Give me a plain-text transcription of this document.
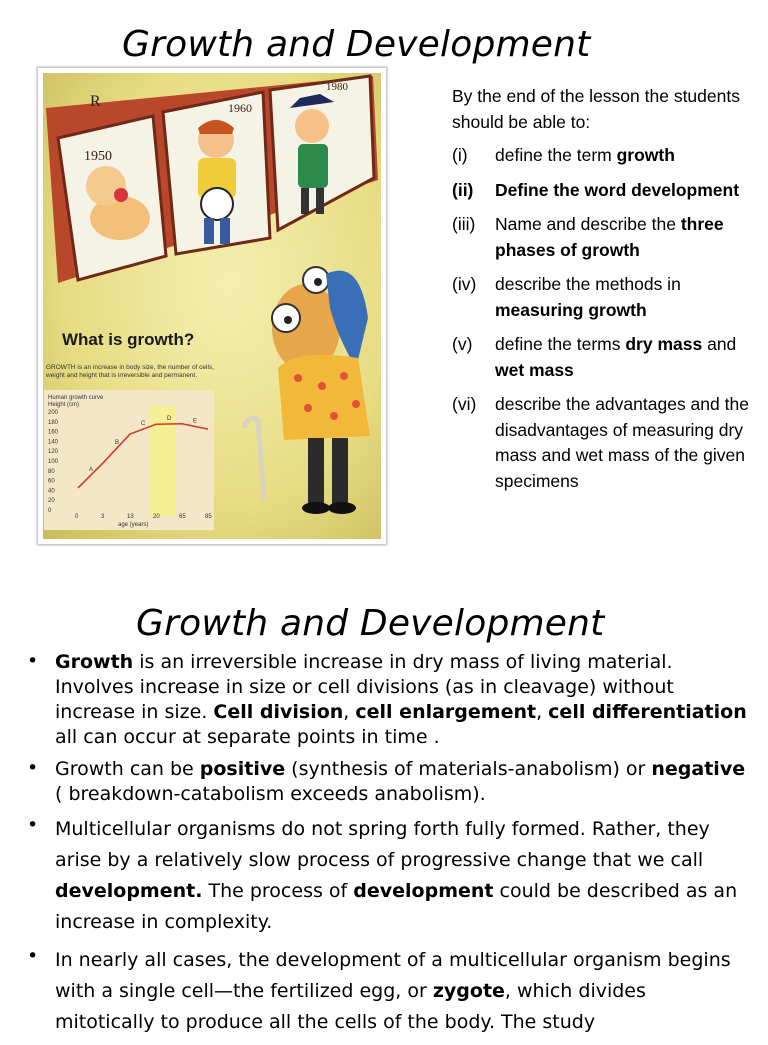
Growth and Development
1950
1960
1980
R
What is growth?
GROWTH is an increase in body size, the number of cells,
weight and height that is irreversible and permanent.
Human growth curve
Height (cm)
age (years)
200
180
160
140
120
100
80
60
40
20
0
0	3	13	20	65	85
A
B
C
D	E

By the end of the lesson the students should be able to:

(i)	define the term growth
(ii)	Define the word development
(iii)	Name and describe the three phases of growth
(iv)	describe the methods in measuring growth
(v)	define the terms dry mass and wet mass
(vi)	describe the advantages and the disadvantages of measuring dry mass and wet mass of the given specimens
Growth and Development
• Growth is an irreversible increase in dry mass of living material. Involves increase in size or cell divisions (as in cleavage) without increase in size. Cell division, cell enlargement, cell differentiation all can occur at separate points in time .
• Growth can be positive (synthesis of materials-anabolism) or negative ( breakdown-catabolism exceeds anabolism).
• Multicellular organisms do not spring forth fully formed. Rather, they arise by a relatively slow process of progressive change that we call development. The process of development could be described as an increase in complexity.
• In nearly all cases, the development of a multicellular organism begins with a single cell—the fertilized egg, or zygote, which divides mitotically to produce all the cells of the body. The study
